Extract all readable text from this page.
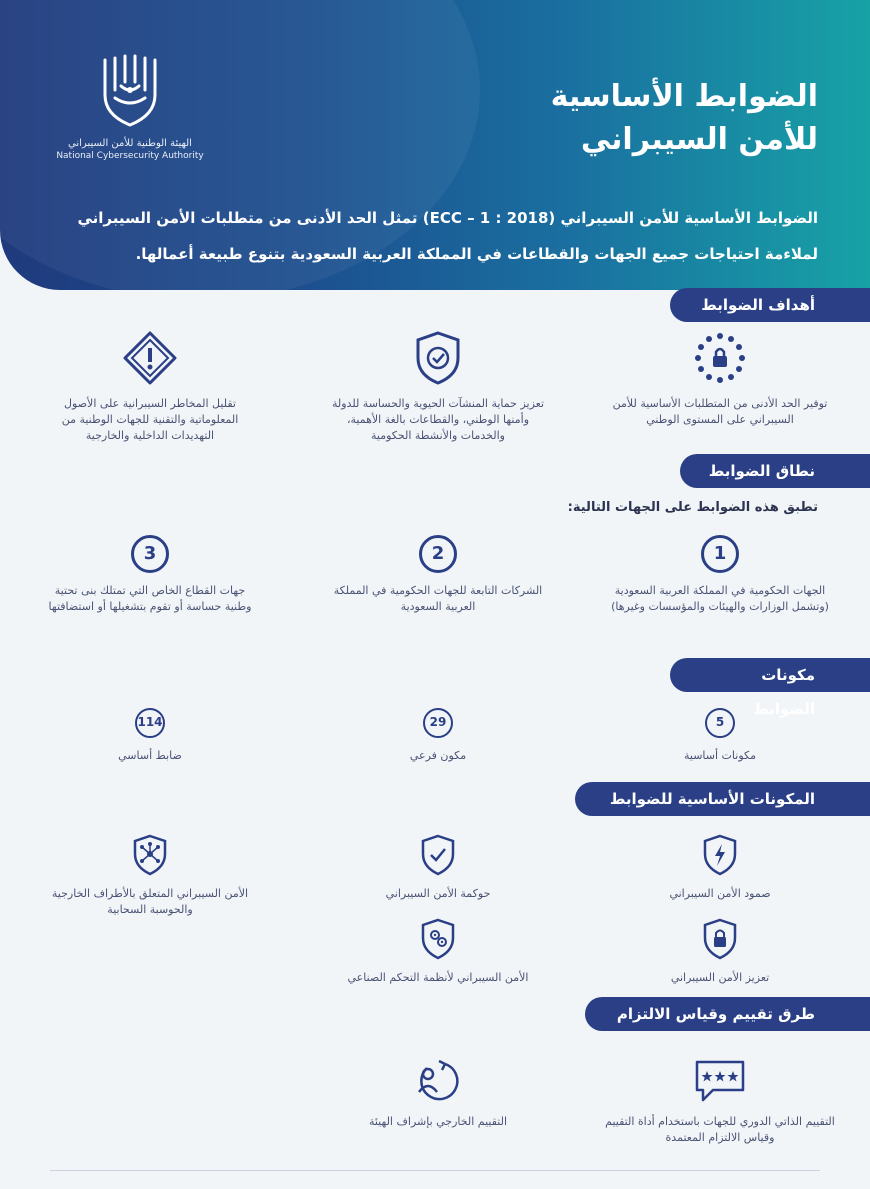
الهيئة الوطنية للأمن السيبراني
National Cybersecurity Authority
الضوابط الأساسية
للأمن السيبراني
الضوابط الأساسية للأمن السيبراني (ECC – 1 : 2018) تمثل الحد الأدنى من متطلبات الأمن السيبراني
لملاءمة احتياجات جميع الجهات والقطاعات في المملكة العربية السعودية بتنوع طبيعة أعمالها.
أهداف الضوابط
توفير الحد الأدنى من المتطلبات الأساسية للأمن السيبراني على المستوى الوطني
تعزيز حماية المنشآت الحيوية والحساسة للدولة وأمنها الوطني، والقطاعات بالغة الأهمية، والخدمات والأنشطة الحكومية
تقليل المخاطر السيبرانية على الأصول المعلوماتية والتقنية للجهات الوطنية من التهديدات الداخلية والخارجية
نطاق الضوابط
تطبق هذه الضوابط على الجهات التالية:
1
الجهات الحكومية في المملكة العربية السعودية (وتشمل الوزارات والهيئات والمؤسسات وغيرها)
2
الشركات التابعة للجهات الحكومية في المملكة العربية السعودية
3
جهات القطاع الخاص التي تمتلك بنى تحتية وطنية حساسة أو تقوم بتشغيلها أو استضافتها
مكونات الضوابط
5
مكونات أساسية
29
مكون فرعي
114
ضابط أساسي
المكونات الأساسية للضوابط
صمود الأمن السيبراني
حوكمة الأمن السيبراني
الأمن السيبراني المتعلق بالأطراف الخارجية والحوسبة السحابية
تعزيز الأمن السيبراني
الأمن السيبراني لأنظمة التحكم الصناعي
طرق تقييم وقياس الالتزام
التقييم الذاتي الدوري للجهات باستخدام أداة التقييم وقياس الالتزام المعتمدة
التقييم الخارجي بإشراف الهيئة
